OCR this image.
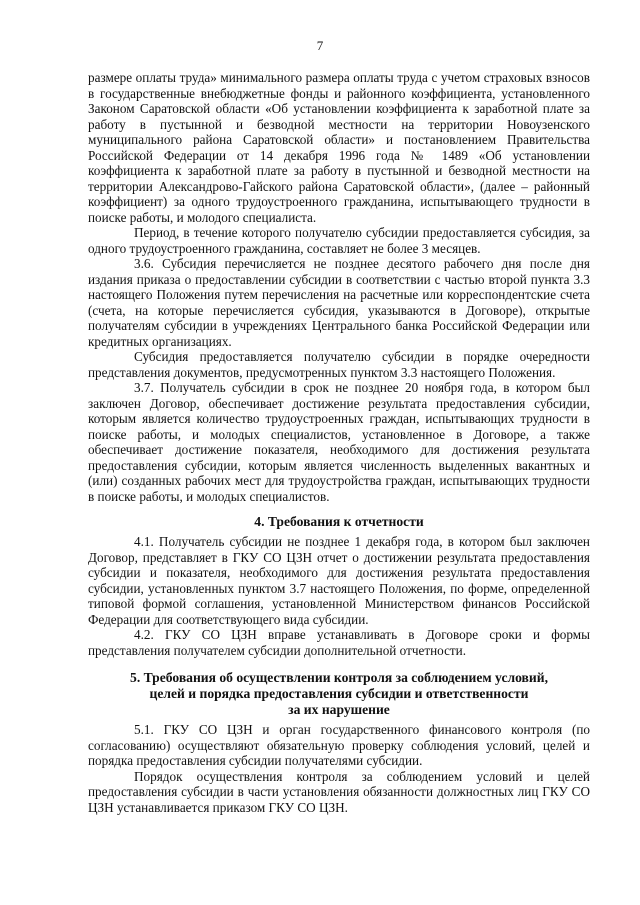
7

размере оплаты труда» минимального размера оплаты труда с учетом страховых взносов в государственные внебюджетные фонды и районного коэффициента, установленного Законом Саратовской области «Об установлении коэффициента к заработной плате за работу в пустынной и безводной местности на территории Новоузенского муниципального района Саратовской области» и постановлением Правительства Российской Федерации от 14 декабря 1996 года № 1489 «Об установлении коэффициента к заработной плате за работу в пустынной и безводной местности на территории Александрово-Гайского района Саратовской области», (далее – районный коэффициент) за одного трудоустроенного гражданина, испытывающего трудности в поиске работы, и молодого специалиста.

Период, в течение которого получателю субсидии предоставляется субсидия, за одного трудоустроенного гражданина, составляет не более 3 месяцев.

3.6. Субсидия перечисляется не позднее десятого рабочего дня после дня издания приказа о предоставлении субсидии в соответствии с частью второй пункта 3.3 настоящего Положения путем перечисления на расчетные или корреспондентские счета (счета, на которые перечисляется субсидия, указываются в Договоре), открытые получателям субсидии в учреждениях Центрального банка Российской Федерации или кредитных организациях.

Субсидия предоставляется получателю субсидии в порядке очередности представления документов, предусмотренных пунктом 3.3 настоящего Положения.

3.7. Получатель субсидии в срок не позднее 20 ноября года, в котором был заключен Договор, обеспечивает достижение результата предоставления субсидии, которым является количество трудоустроенных граждан, испытывающих трудности в поиске работы, и молодых специалистов, установленное в Договоре, а также обеспечивает достижение показателя, необходимого для достижения результата предоставления субсидии, которым является численность выделенных вакантных и (или) созданных рабочих мест для трудоустройства граждан, испытывающих трудности в поиске работы, и молодых специалистов.

4. Требования к отчетности

4.1. Получатель субсидии не позднее 1 декабря года, в котором был заключен Договор, представляет в ГКУ СО ЦЗН отчет о достижении результата предоставления субсидии и показателя, необходимого для достижения результата предоставления субсидии, установленных пунктом 3.7 настоящего Положения, по форме, определенной типовой формой соглашения, установленной Министерством финансов Российской Федерации для соответствующего вида субсидии.

4.2. ГКУ СО ЦЗН вправе устанавливать в Договоре сроки и формы представления получателем субсидии дополнительной отчетности.

5. Требования об осуществлении контроля за соблюдением условий,
целей и порядка предоставления субсидии и ответственности
за их нарушение

5.1. ГКУ СО ЦЗН и орган государственного финансового контроля (по согласованию) осуществляют обязательную проверку соблюдения условий, целей и порядка предоставления субсидии получателями субсидии.

Порядок осуществления контроля за соблюдением условий и целей предоставления субсидии в части установления обязанности должностных лиц ГКУ СО ЦЗН устанавливается приказом ГКУ СО ЦЗН.
